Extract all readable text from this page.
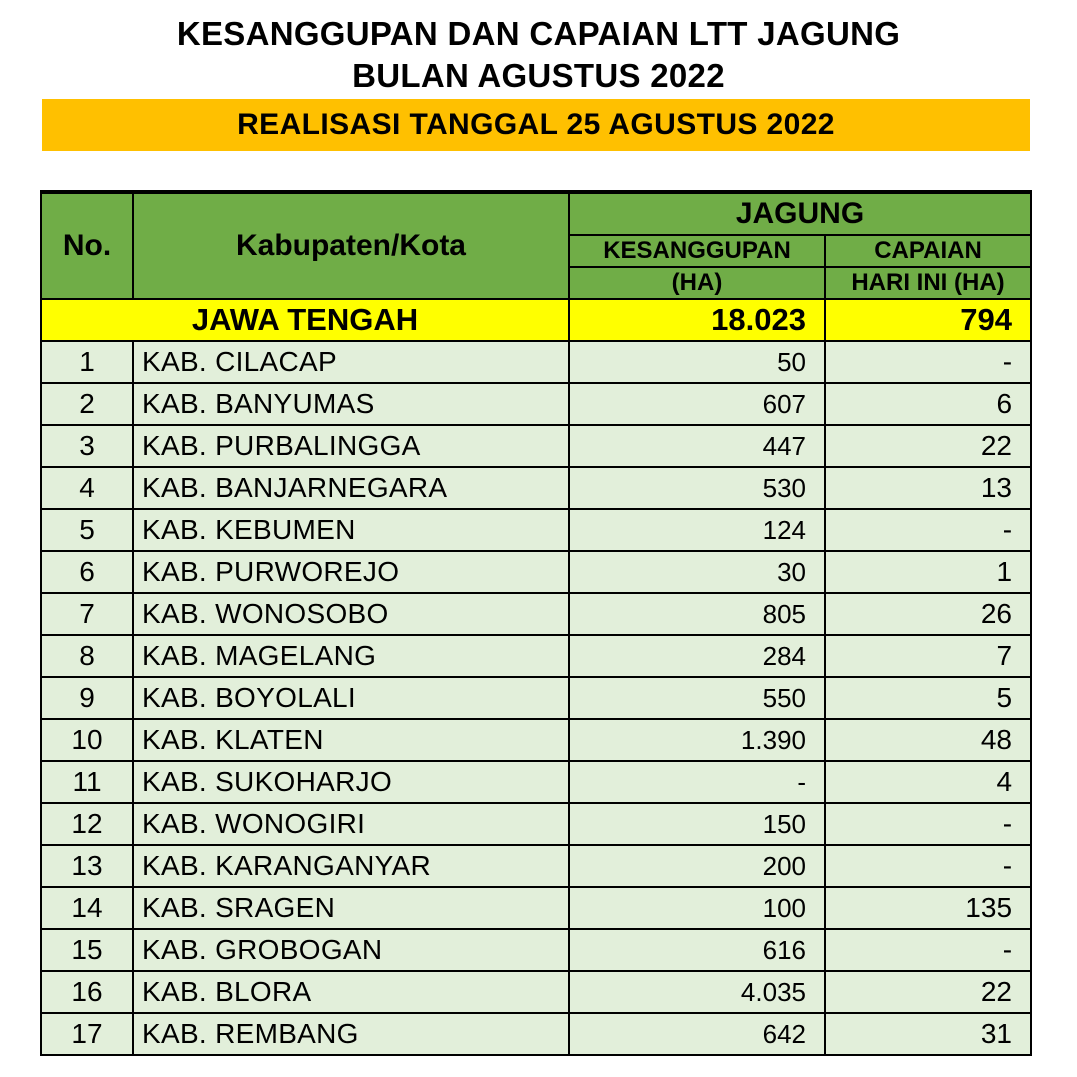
KESANGGUPAN DAN CAPAIAN LTT JAGUNG
BULAN AGUSTUS 2022
REALISASI TANGGAL 25 AGUSTUS 2022
No.	Kabupaten/Kota	JAGUNG	
		KESANGGUPAN	CAPAIAN
		(HA)	HARI INI (HA)
JAWA TENGAH		18.023	794
1	KAB. CILACAP	50	-
2	KAB. BANYUMAS	607	6
3	KAB. PURBALINGGA	447	22
4	KAB. BANJARNEGARA	530	13
5	KAB. KEBUMEN	124	-
6	KAB. PURWOREJO	30	1
7	KAB. WONOSOBO	805	26
8	KAB. MAGELANG	284	7
9	KAB. BOYOLALI	550	5
10	KAB. KLATEN	1.390	48
11	KAB. SUKOHARJO	-	4
12	KAB. WONOGIRI	150	-
13	KAB. KARANGANYAR	200	-
14	KAB. SRAGEN	100	135
15	KAB. GROBOGAN	616	-
16	KAB. BLORA	4.035	22
17	KAB. REMBANG	642	31
